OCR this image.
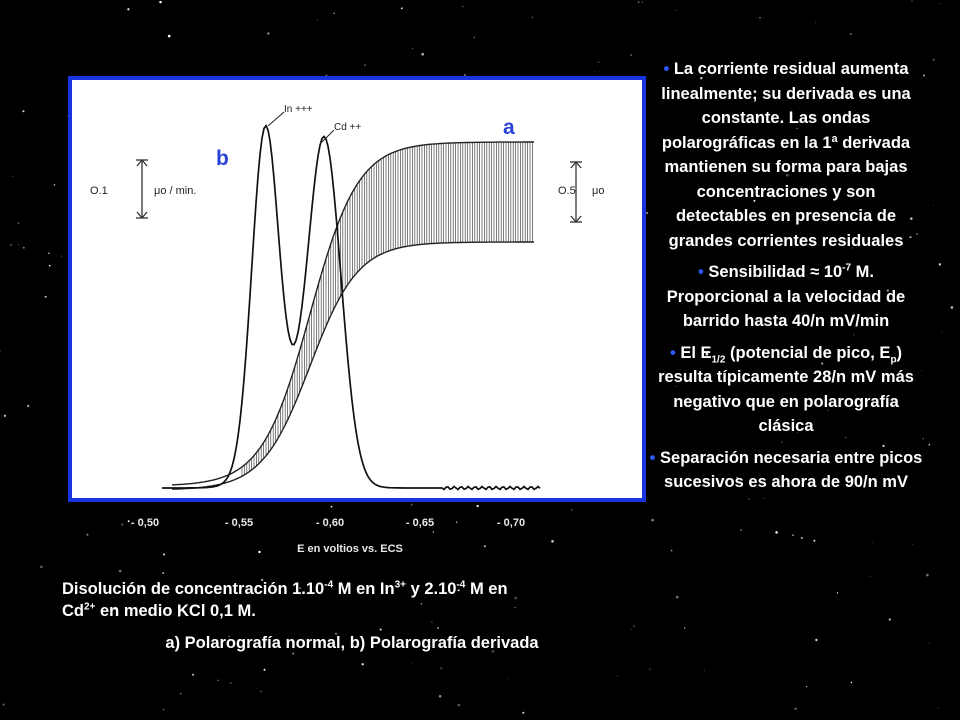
O.1	μo / min.	O.5 μo
In +++
Cd ++	a
b
- 0,50	- 0,55	- 0,60	- 0,65	- 0,70
E en voltios vs. ECS
Disolución de concentración $1.10^{-4}$ M en $In^{3+}$ y $2.10^{-4}$ M en
$Cd^{2+}$ en medio KCl 0,1 M.
a) Polarografía normal, b) Polarografía derivada

• La corriente residual aumenta linealmente; su derivada es una constante. Las ondas polarográficas en la 1ª derivada mantienen su forma para bajas concentraciones y son detectables en presencia de grandes corrientes residuales

• Sensibilidad ≈ $10^{-7}$ M. Proporcional a la velocidad de barrido hasta 40/n mV/min

• El $E_{1/2}$ (potencial de pico, $E_p$) resulta típicamente 28/n mV más negativo que en polarografía clásica

• Separación necesaria entre picos sucesivos es ahora de 90/n mV
